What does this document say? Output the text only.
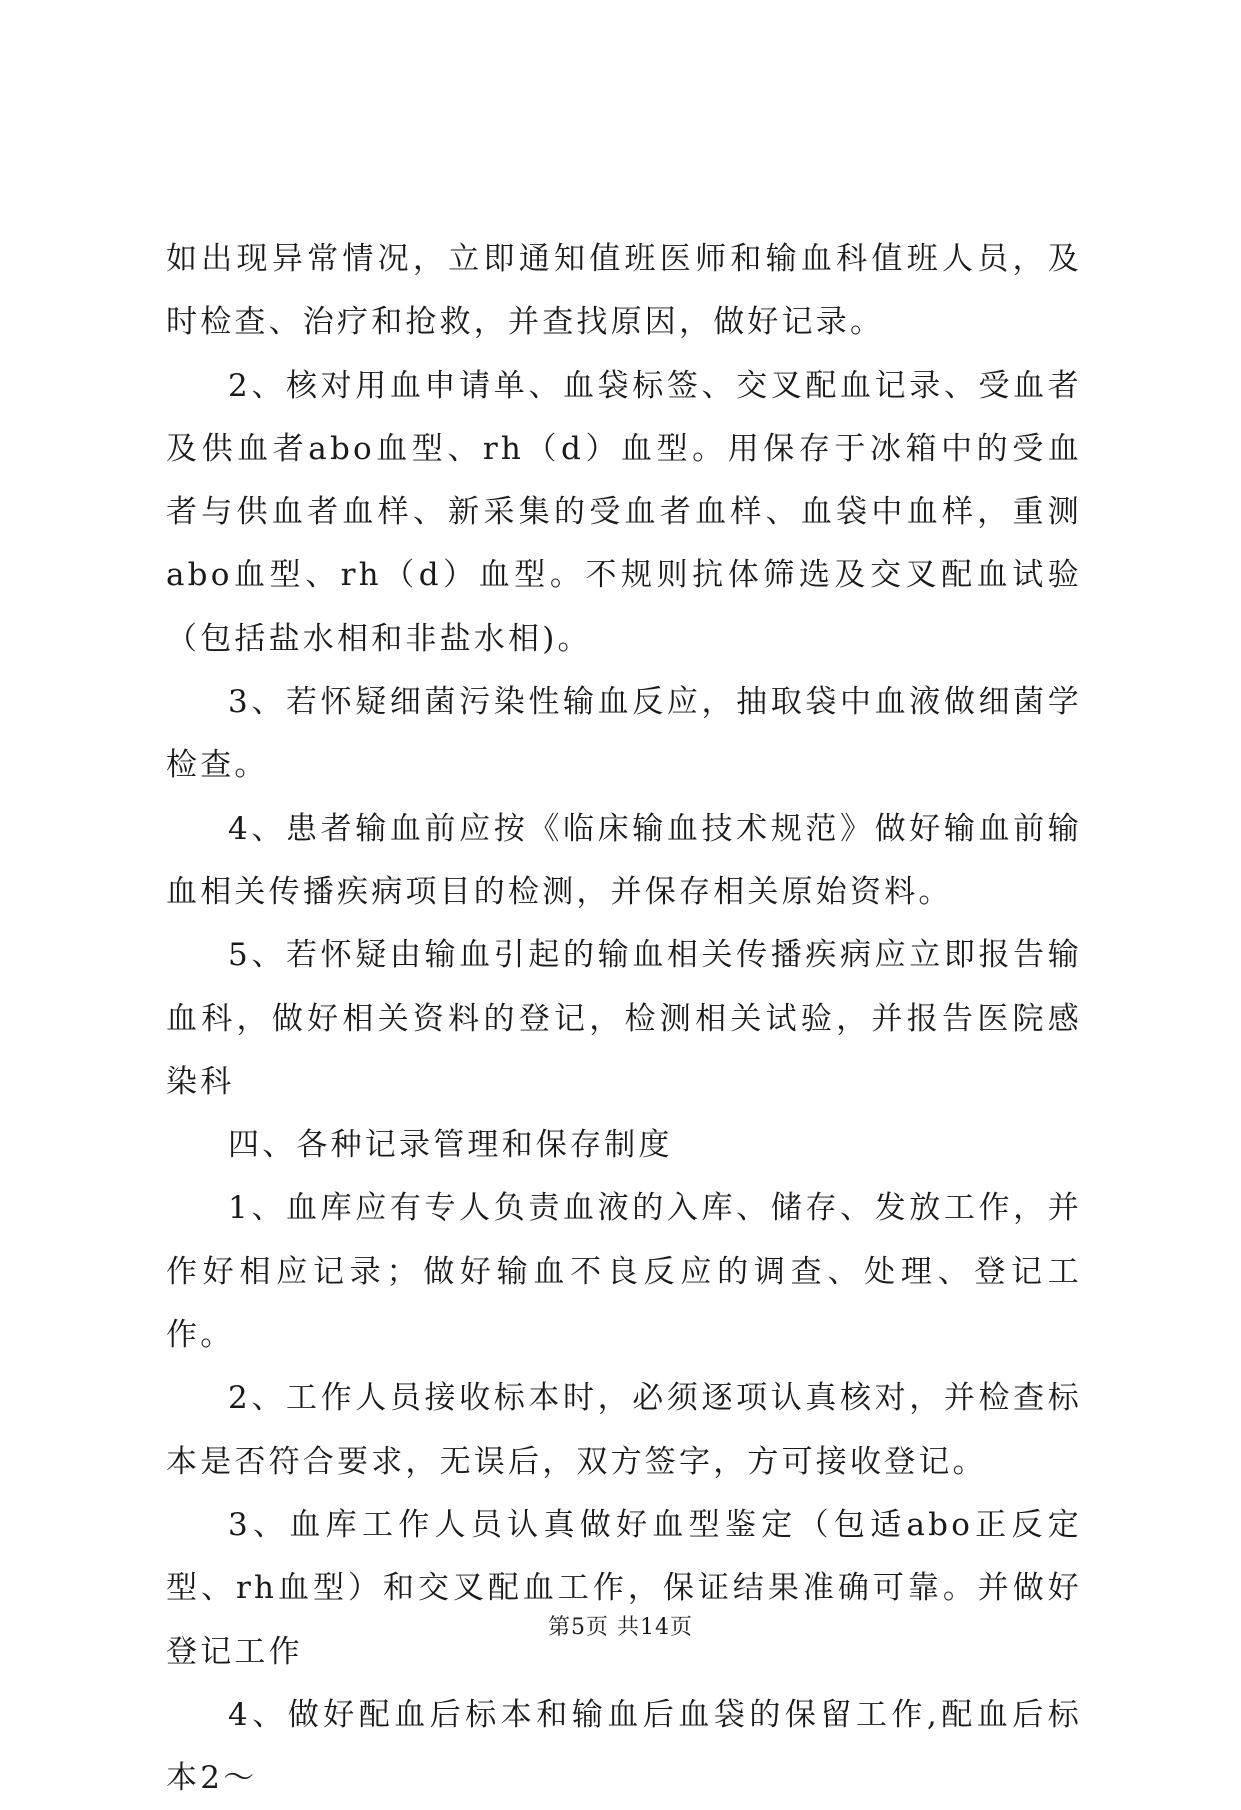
如出现异常情况，立即通知值班医师和输血科值班人员，及时检查、治疗和抢救，并查找原因，做好记录。

2、核对用血申请单、血袋标签、交叉配血记录、受血者及供血者abo血型、rh（d）血型。用保存于冰箱中的受血者与供血者血样、新采集的受血者血样、血袋中血样，重测abo血型、rh（d）血型。不规则抗体筛选及交叉配血试验（包括盐水相和非盐水相)。

3、若怀疑细菌污染性输血反应，抽取袋中血液做细菌学检查。

4、患者输血前应按《临床输血技术规范》做好输血前输血相关传播疾病项目的检测，并保存相关原始资料。

5、若怀疑由输血引起的输血相关传播疾病应立即报告输血科，做好相关资料的登记，检测相关试验，并报告医院感染科

四、各种记录管理和保存制度

1、血库应有专人负责血液的入库、储存、发放工作，并作好相应记录；做好输血不良反应的调查、处理、登记工作。

2、工作人员接收标本时，必须逐项认真核对，并检查标本是否符合要求，无误后，双方签字，方可接收登记。

3、血库工作人员认真做好血型鉴定（包适abo正反定型、rh血型）和交叉配血工作，保证结果准确可靠。并做好登记工作

4、做好配血后标本和输血后血袋的保留工作,配血后标本2～

第5页 共14页
